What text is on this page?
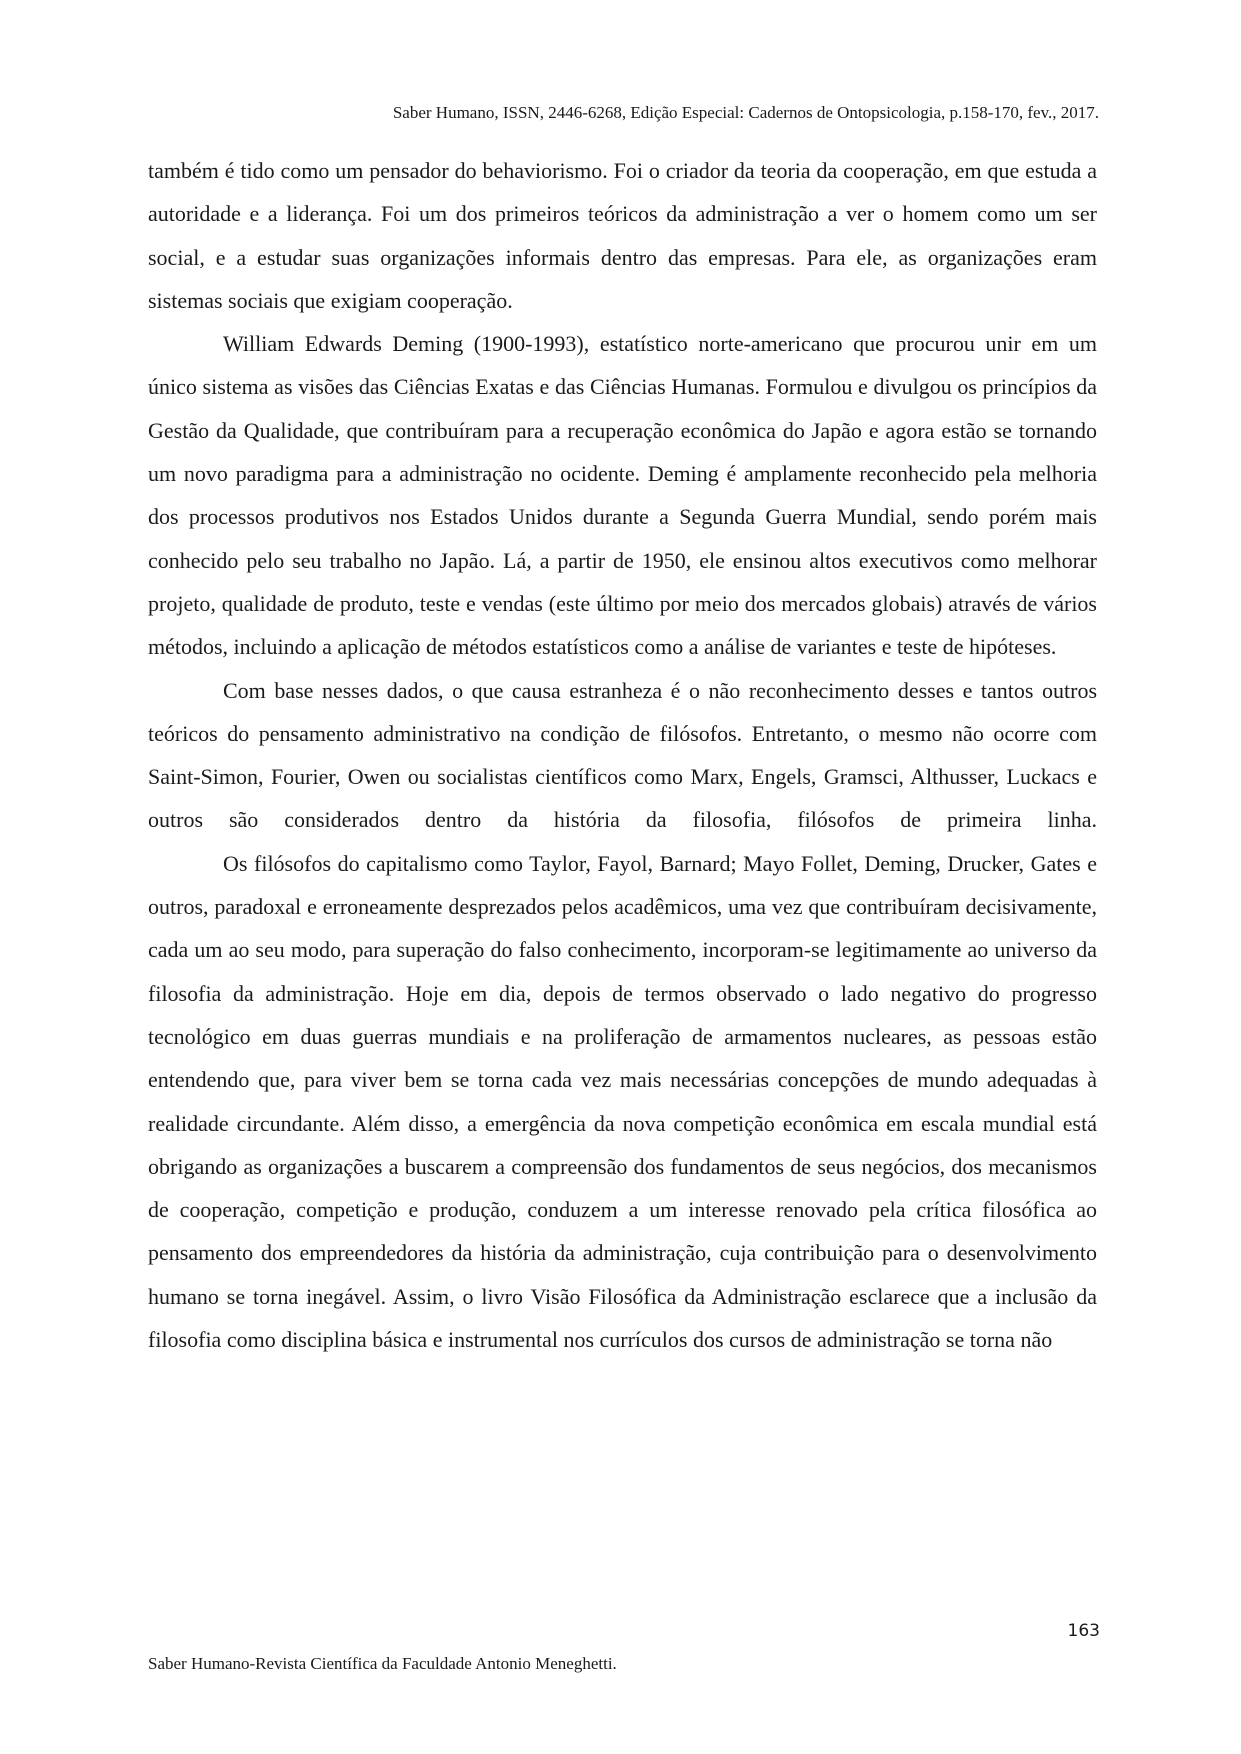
Saber Humano, ISSN, 2446-6268, Edição Especial: Cadernos de Ontopsicologia, p.158-170, fev., 2017.

também é tido como um pensador do behaviorismo. Foi o criador da teoria da cooperação, em que estuda a autoridade e a liderança. Foi um dos primeiros teóricos da administração a ver o homem como um ser social, e a estudar suas organizações informais dentro das empresas. Para ele, as organizações eram sistemas sociais que exigiam cooperação.

William Edwards Deming (1900-1993), estatístico norte-americano que procurou unir em um único sistema as visões das Ciências Exatas e das Ciências Humanas. Formulou e divulgou os princípios da Gestão da Qualidade, que contribuíram para a recuperação econômica do Japão e agora estão se tornando um novo paradigma para a administração no ocidente. Deming é amplamente reconhecido pela melhoria dos processos produtivos nos Estados Unidos durante a Segunda Guerra Mundial, sendo porém mais conhecido pelo seu trabalho no Japão. Lá, a partir de 1950, ele ensinou altos executivos como melhorar projeto, qualidade de produto, teste e vendas (este último por meio dos mercados globais) através de vários métodos, incluindo a aplicação de métodos estatísticos como a análise de variantes e teste de hipóteses.

Com base nesses dados, o que causa estranheza é o não reconhecimento desses e tantos outros teóricos do pensamento administrativo na condição de filósofos. Entretanto, o mesmo não ocorre com Saint-Simon, Fourier, Owen ou socialistas científicos como Marx, Engels, Gramsci, Althusser, Luckacs e outros são considerados dentro da história da filosofia, filósofos de primeira linha.

Os filósofos do capitalismo como Taylor, Fayol, Barnard; Mayo Follet, Deming, Drucker, Gates e outros, paradoxal e erroneamente desprezados pelos acadêmicos, uma vez que contribuíram decisivamente, cada um ao seu modo, para superação do falso conhecimento, incorporam-se legitimamente ao universo da filosofia da administração. Hoje em dia, depois de termos observado o lado negativo do progresso tecnológico em duas guerras mundiais e na proliferação de armamentos nucleares, as pessoas estão entendendo que, para viver bem se torna cada vez mais necessárias concepções de mundo adequadas à realidade circundante. Além disso, a emergência da nova competição econômica em escala mundial está obrigando as organizações a buscarem a compreensão dos fundamentos de seus negócios, dos mecanismos de cooperação, competição e produção, conduzem a um interesse renovado pela crítica filosófica ao pensamento dos empreendedores da história da administração, cuja contribuição para o desenvolvimento humano se torna inegável. Assim, o livro Visão Filosófica da Administração esclarece que a inclusão da filosofia como disciplina básica e instrumental nos currículos dos cursos de administração se torna não

163
Saber Humano-Revista Científica da Faculdade Antonio Meneghetti.
